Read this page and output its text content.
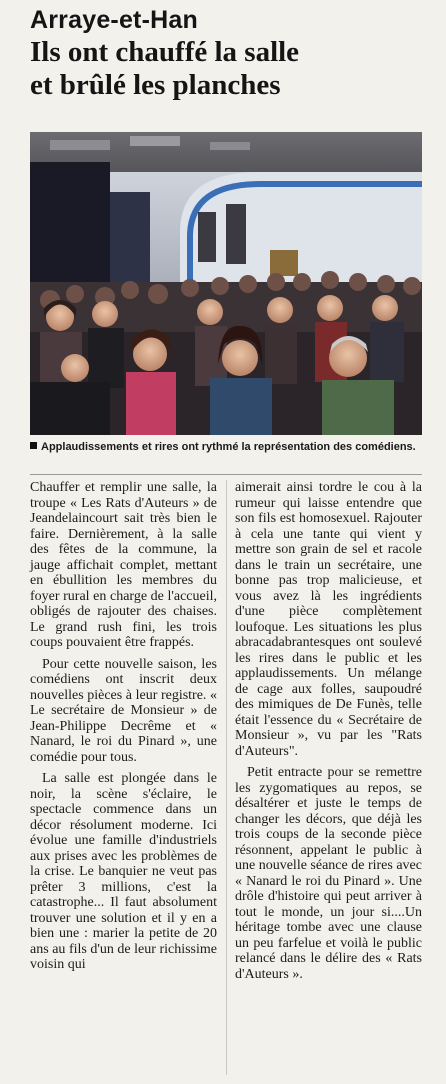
Arraye-et-Han
Ils ont chauffé la salle
et brûlé les planches
Applaudissements et rires ont rythmé la représentation des comédiens.

Chauffer et remplir une salle, la troupe « Les Rats d'Auteurs » de Jeandelaincourt sait très bien le faire. Dernièrement, à la salle des fêtes de la commune, la jauge affichait complet, mettant en ébullition les membres du foyer rural en charge de l'accueil, obligés de rajouter des chaises. Le grand rush fini, les trois coups pouvaient être frappés.

Pour cette nouvelle saison, les comédiens ont inscrit deux nouvelles pièces à leur registre. « Le secrétaire de Monsieur » de Jean-Philippe Decrême et « Nanard, le roi du Pinard », une comédie pour tous.

La salle est plongée dans le noir, la scène s'éclaire, le spectacle commence dans un décor résolument moderne. Ici évolue une famille d'industriels aux prises avec les problèmes de la crise. Le banquier ne veut pas prêter 3 millions, c'est la catastrophe... Il faut absolument trouver une solution et il y en a bien une : marier la petite de 20 ans au fils d'un de leur richissime voisin qui

aimerait ainsi tordre le cou à la rumeur qui laisse entendre que son fils est homosexuel. Rajouter à cela une tante qui vient y mettre son grain de sel et racole dans le train un secrétaire, une bonne pas trop malicieuse, et vous avez là les ingrédients d'une pièce complètement loufoque. Les situations les plus abracadabrantesques ont soulevé les rires dans le public et les applaudissements. Un mélange de cage aux folles, saupoudré des mimiques de De Funès, telle était l'essence du « Secrétaire de Monsieur », vu par les "Rats d'Auteurs".

Petit entracte pour se remettre les zygomatiques au repos, se désaltérer et juste le temps de changer les décors, que déjà les trois coups de la seconde pièce résonnent, appelant le public à une nouvelle séance de rires avec « Nanard le roi du Pinard ». Une drôle d'histoire qui peut arriver à tout le monde, un jour si....Un héritage tombe avec une clause un peu farfelue et voilà le public relancé dans le délire des « Rats d'Auteurs ».
